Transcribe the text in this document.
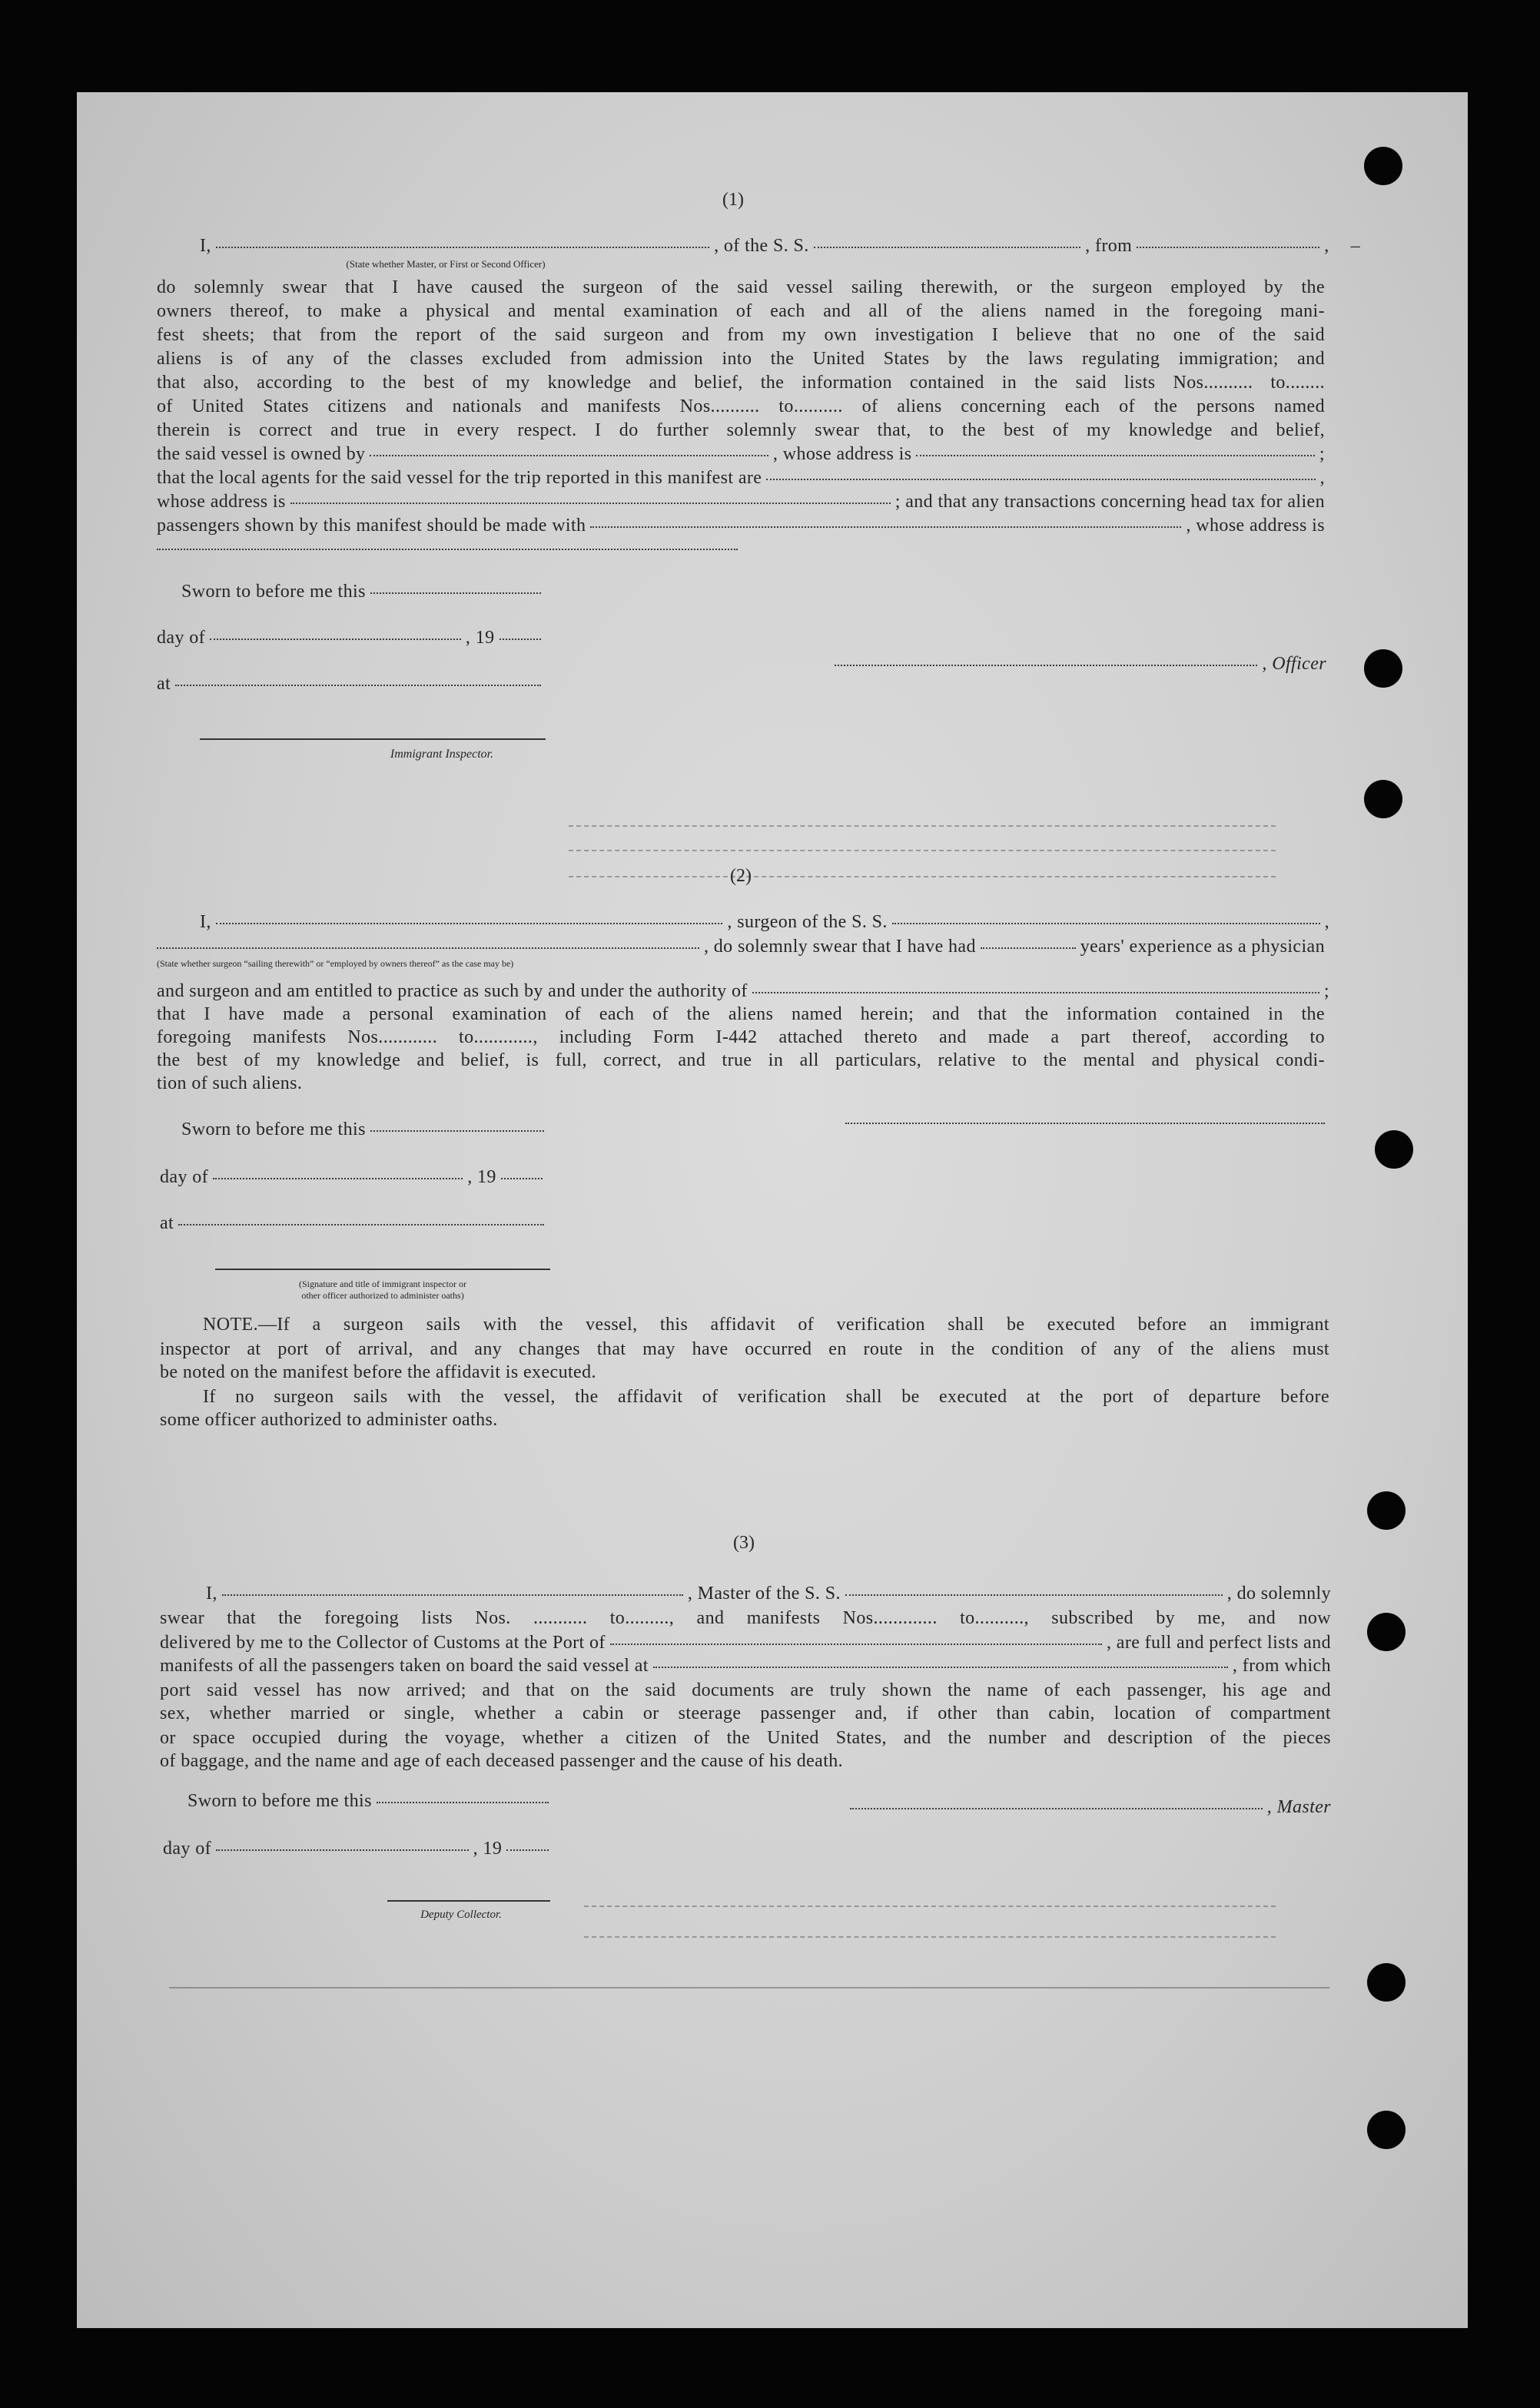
(1)
I,	, of the S. S.	, from	, –
(State whether Master, or First or Second Officer)
do solemnly swear that I have caused the surgeon of the said vessel sailing therewith, or the surgeon employed by the
owners thereof, to make a physical and mental examination of each and all of the aliens named in the foregoing mani-
fest sheets; that from the report of the said surgeon and from my own investigation I believe that no one of the said
aliens is of any of the classes excluded from admission into the United States by the laws regulating immigration; and
that also, according to the best of my knowledge and belief, the information contained in the said lists Nos.......... to........
of United States citizens and nationals and manifests Nos.......... to.......... of aliens concerning each of the persons named
therein is correct and true in every respect. I do further solemnly swear that, to the best of my knowledge and belief,
the said vessel is owned by	, whose address is	;
that the local agents for the said vessel for the trip reported in this manifest are	,
whose address is	; and that any transactions concerning head tax for alien
passengers shown by this manifest should be made with	, whose address is
Sworn to before me this
day of	, 19
at
, Officer
Immigrant Inspector.
(2)
I,	, surgeon of the S. S.	,
, do solemnly swear that I have had	years' experience as a physician
(State whether surgeon “sailing therewith” or “employed by owners thereof” as the case may be)
and surgeon and am entitled to practice as such by and under the authority of	;
that I have made a personal examination of each of the aliens named herein; and that the information contained in the
foregoing manifests Nos............ to............, including Form I-442 attached thereto and made a part thereof, according to
the best of my knowledge and belief, is full, correct, and true in all particulars, relative to the mental and physical condi-
tion of such aliens.
Sworn to before me this
day of	, 19
at
(Signature and title of immigrant inspector or
other officer authorized to administer oaths)
NOTE.—If a surgeon sails with the vessel, this affidavit of verification shall be executed before an immigrant
inspector at port of arrival, and any changes that may have occurred en route in the condition of any of the aliens must
be noted on the manifest before the affidavit is executed.
If no surgeon sails with the vessel, the affidavit of verification shall be executed at the port of departure before
some officer authorized to administer oaths.
(3)
I,	, Master of the S. S.	, do solemnly
swear that the foregoing lists Nos. ........... to........., and manifests Nos............. to.........., subscribed by me, and now
delivered by me to the Collector of Customs at the Port of	, are full and perfect lists and
manifests of all the passengers taken on board the said vessel at	, from which
port said vessel has now arrived; and that on the said documents are truly shown the name of each passenger, his age and
sex, whether married or single, whether a cabin or steerage passenger and, if other than cabin, location of compartment
or space occupied during the voyage, whether a citizen of the United States, and the number and description of the pieces
of baggage, and the name and age of each deceased passenger and the cause of his death.
Sworn to before me this	, Master
day of	, 19
Deputy Collector.
